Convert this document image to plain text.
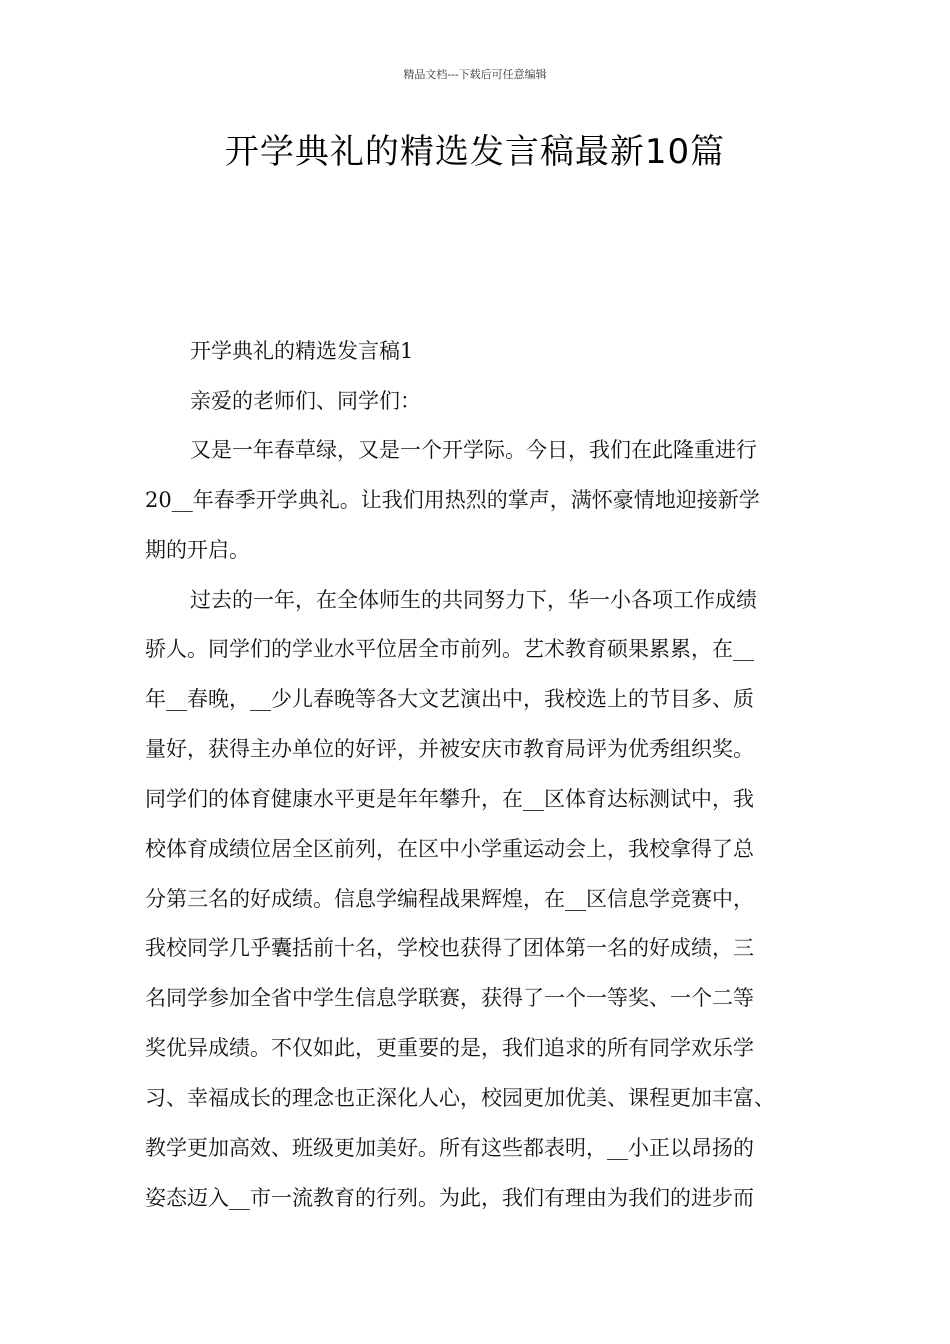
精品文档---下载后可任意编辑
开学典礼的精选发言稿最新10篇
开学典礼的精选发言稿1
亲爱的老师们、同学们：
又是一年春草绿，又是一个开学际。今日，我们在此隆重进行
20__年春季开学典礼。让我们用热烈的掌声，满怀豪情地迎接新学
期的开启。
过去的一年，在全体师生的共同努力下，华一小各项工作成绩
骄人。同学们的学业水平位居全市前列。艺术教育硕果累累，在__
年__春晚，__少儿春晚等各大文艺演出中，我校选上的节目多、质
量好，获得主办单位的好评，并被安庆市教育局评为优秀组织奖。
同学们的体育健康水平更是年年攀升，在__区体育达标测试中，我
校体育成绩位居全区前列，在区中小学重运动会上，我校拿得了总
分第三名的好成绩。信息学编程战果辉煌，在__区信息学竞赛中，
我校同学几乎囊括前十名，学校也获得了团体第一名的好成绩，三
名同学参加全省中学生信息学联赛，获得了一个一等奖、一个二等
奖优异成绩。不仅如此，更重要的是，我们追求的所有同学欢乐学
习、幸福成长的理念也正深化人心，校园更加优美、课程更加丰富、
教学更加高效、班级更加美好。所有这些都表明，__小正以昂扬的
姿态迈入__市一流教育的行列。为此，我们有理由为我们的进步而
